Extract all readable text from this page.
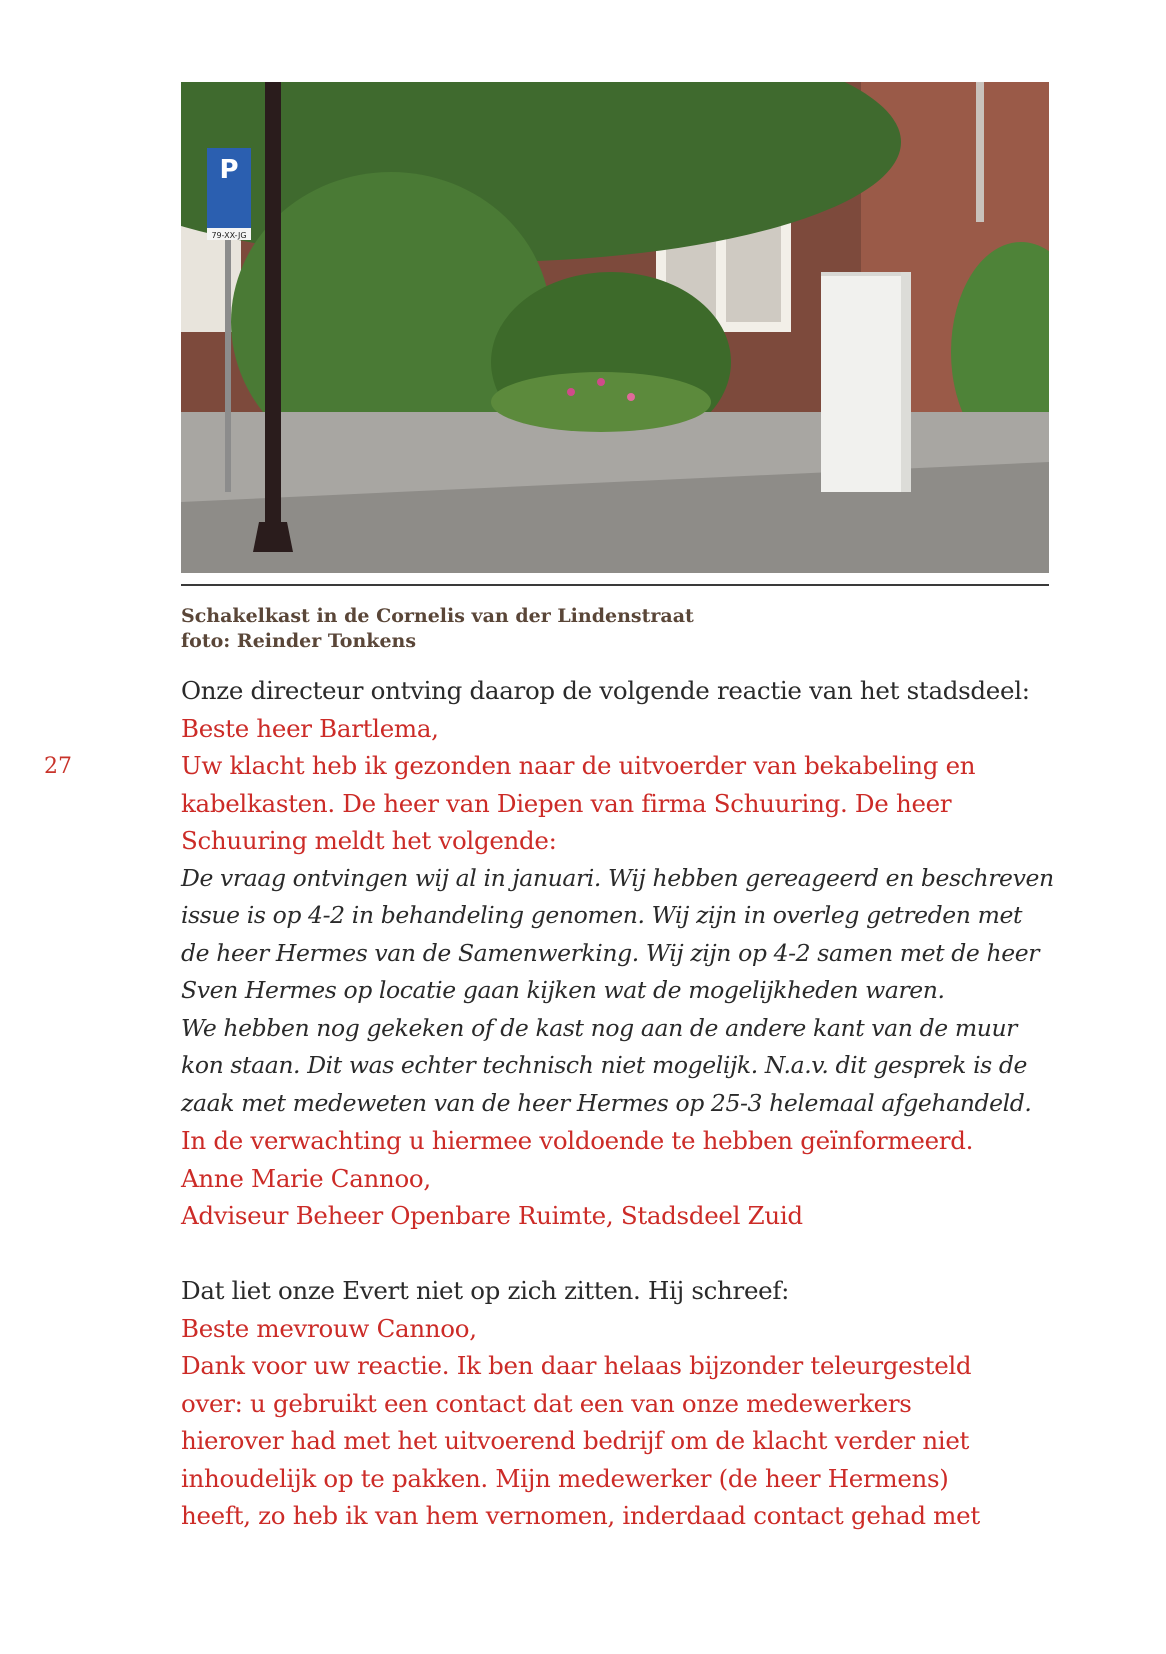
P
79-XX-JG
Schakelkast in de Cornelis van der Lindenstraat
foto: Reinder Tonkens
27
Onze directeur ontving daarop de volgende reactie van het stadsdeel:
Beste heer Bartlema,
Uw klacht heb ik gezonden naar de uitvoerder van bekabeling en
kabelkasten. De heer van Diepen van firma Schuuring. De heer
Schuuring meldt het volgende:
De vraag ontvingen wij al in januari. Wij hebben gereageerd en beschreven
issue is op 4-2 in behandeling genomen. Wij zijn in overleg getreden met
de heer Hermes van de Samenwerking. Wij zijn op 4-2 samen met de heer
Sven Hermes op locatie gaan kijken wat de mogelijkheden waren.
We hebben nog gekeken of de kast nog aan de andere kant van de muur
kon staan. Dit was echter technisch niet mogelijk. N.a.v. dit gesprek is de
zaak met medeweten van de heer Hermes op 25-3 helemaal afgehandeld.
In de verwachting u hiermee voldoende te hebben geïnformeerd.
Anne Marie Cannoo,
Adviseur Beheer Openbare Ruimte, Stadsdeel Zuid
Dat liet onze Evert niet op zich zitten. Hij schreef:
Beste mevrouw Cannoo,
Dank voor uw reactie. Ik ben daar helaas bijzonder teleurgesteld
over: u gebruikt een contact dat een van onze medewerkers
hierover had met het uitvoerend bedrijf om de klacht verder niet
inhoudelijk op te pakken. Mijn medewerker (de heer Hermens)
heeft, zo heb ik van hem vernomen, inderdaad contact gehad met
